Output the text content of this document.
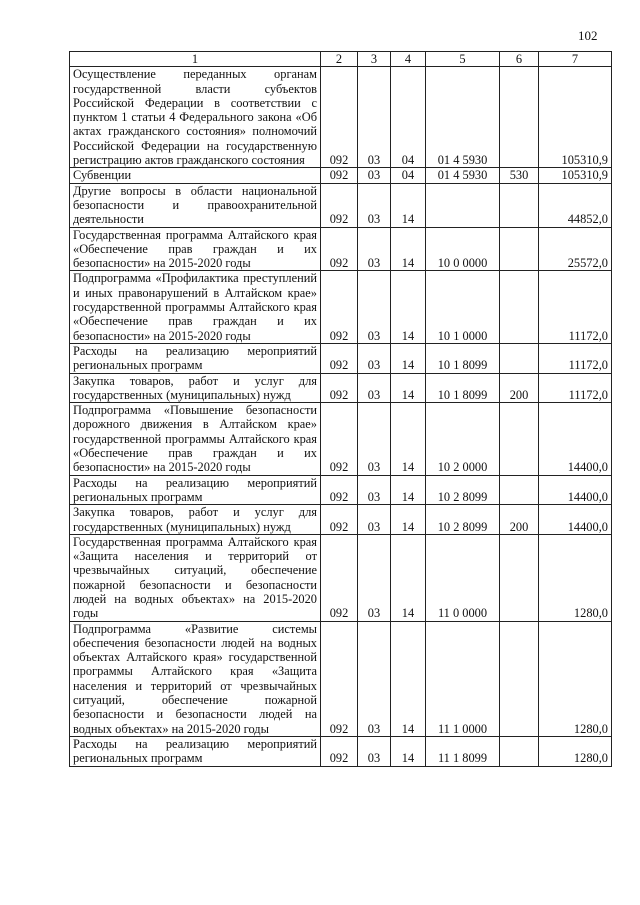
102
1	2	3	4	5	6	7
Осуществление переданных органам государственной власти субъектов Российской Федерации в соответствии с пунктом 1 статьи 4 Федерального закона «Об актах гражданского состояния» полномочий Российской Федерации на государственную регистрацию актов гражданского состояния	092	03	04	01 4 5930		105310,9
Субвенции	092	03	04	01 4 5930	530	105310,9
Другие вопросы в области национальной безопасности и правоохранительной деятельности	092	03	14			44852,0
Государственная программа Алтайского края «Обеспечение прав граждан и их безопасности» на 2015-2020 годы	092	03	14	10 0 0000		25572,0
Подпрограмма «Профилактика преступлений и иных правонарушений в Алтайском крае» государственной программы Алтайского края «Обеспечение прав граждан и их безопасности» на 2015-2020 годы	092	03	14	10 1 0000		11172,0
Расходы на реализацию мероприятий региональных программ	092	03	14	10 1 8099		11172,0
Закупка товаров, работ и услуг для государственных (муниципальных) нужд	092	03	14	10 1 8099	200	11172,0
Подпрограмма «Повышение безопасности дорожного движения в Алтайском крае» государственной программы Алтайского края «Обеспечение прав граждан и их безопасности» на 2015-2020 годы	092	03	14	10 2 0000		14400,0
Расходы на реализацию мероприятий региональных программ	092	03	14	10 2 8099		14400,0
Закупка товаров, работ и услуг для государственных (муниципальных) нужд	092	03	14	10 2 8099	200	14400,0
Государственная программа Алтайского края «Защита населения и территорий от чрезвычайных ситуаций, обеспечение пожарной безопасности и безопасности людей на водных объектах» на 2015-2020 годы	092	03	14	11 0 0000		1280,0
Подпрограмма «Развитие системы обеспечения безопасности людей на водных объектах Алтайского края» государственной программы Алтайского края «Защита населения и территорий от чрезвычайных ситуаций, обеспечение пожарной безопасности и безопасности людей на водных объектах» на 2015-2020 годы	092	03	14	11 1 0000		1280,0
Расходы на реализацию мероприятий региональных программ	092	03	14	11 1 8099		1280,0
